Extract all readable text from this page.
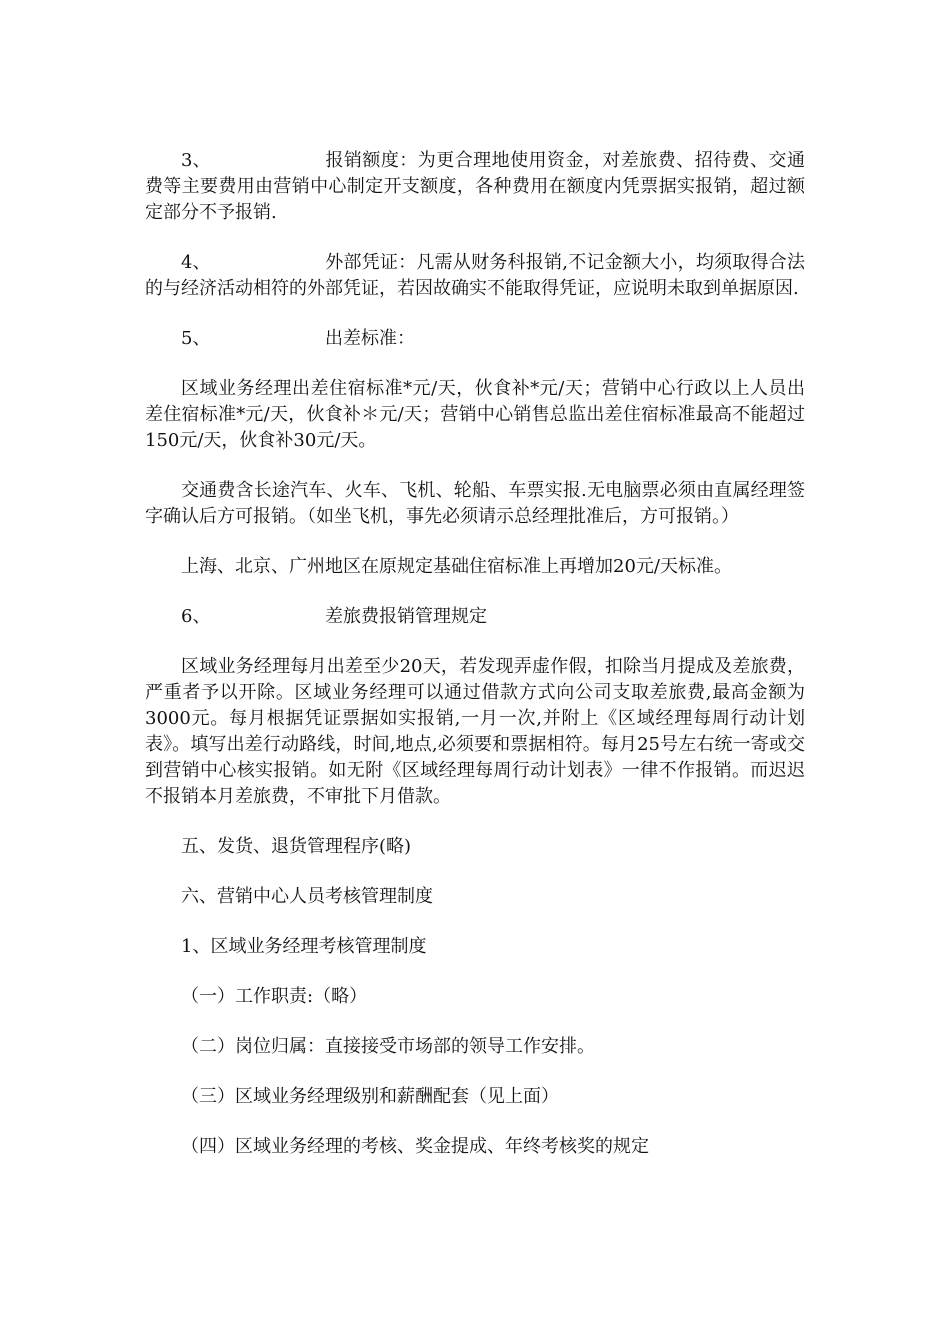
3、	报销额度：为更合理地使用资金，对差旅费、招待费、交通费等主要费用由营销中心制定开支额度，各种费用在额度内凭票据实报销，超过额定部分不予报销.

4、	外部凭证：凡需从财务科报销,不记金额大小，均须取得合法的与经济活动相符的外部凭证，若因故确实不能取得凭证，应说明未取到单据原因.

5、	出差标准：

区域业务经理出差住宿标准*元/天，伙食补*元/天；营销中心行政以上人员出差住宿标准*元/天，伙食补＊元/天；营销中心销售总监出差住宿标准最高不能超过150元/天，伙食补30元/天。

交通费含长途汽车、火车、飞机、轮船、车票实报.无电脑票必须由直属经理签字确认后方可报销。（如坐飞机，事先必须请示总经理批准后，方可报销。）

上海、北京、广州地区在原规定基础住宿标准上再增加20元/天标准。

6、	差旅费报销管理规定

区域业务经理每月出差至少20天，若发现弄虚作假，扣除当月提成及差旅费，严重者予以开除。区域业务经理可以通过借款方式向公司支取差旅费,最高金额为3000元。每月根据凭证票据如实报销,一月一次,并附上《区域经理每周行动计划表》。填写出差行动路线，时间,地点,必须要和票据相符。每月25号左右统一寄或交到营销中心核实报销。如无附《区域经理每周行动计划表》一律不作报销。而迟迟不报销本月差旅费，不审批下月借款。

五、发货、退货管理程序(略)

六、营销中心人员考核管理制度

1、区域业务经理考核管理制度

（一）工作职责:（略）

（二）岗位归属：直接接受市场部的领导工作安排。

（三）区域业务经理级别和薪酬配套（见上面）

（四）区域业务经理的考核、奖金提成、年终考核奖的规定
